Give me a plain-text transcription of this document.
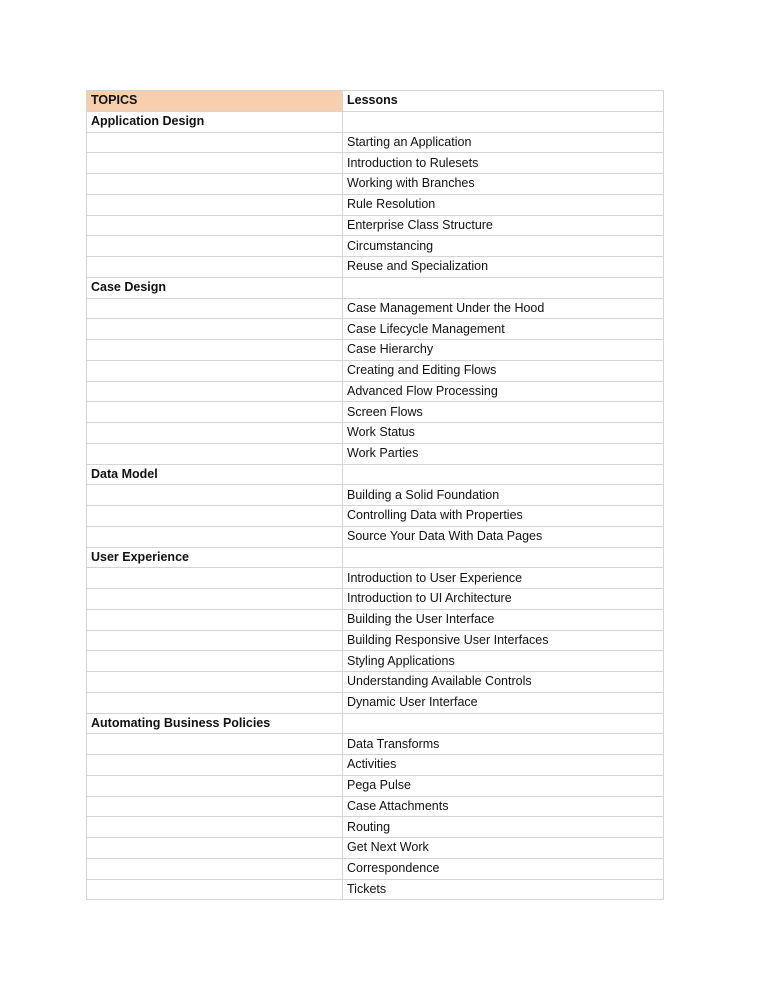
TOPICS	Lessons
Application Design	
	Starting an Application
	Introduction to Rulesets
	Working with Branches
	Rule Resolution
	Enterprise Class Structure
	Circumstancing
	Reuse and Specialization
Case Design	
	Case Management Under the Hood
	Case Lifecycle Management
	Case Hierarchy
	Creating and Editing Flows
	Advanced Flow Processing
	Screen Flows
	Work Status
	Work Parties
Data Model	
	Building a Solid Foundation
	Controlling Data with Properties
	Source Your Data With Data Pages
User Experience	
	Introduction to User Experience
	Introduction to UI Architecture
	Building the User Interface
	Building Responsive User Interfaces
	Styling Applications
	Understanding Available Controls
	Dynamic User Interface
Automating Business Policies	
	Data Transforms
	Activities
	Pega Pulse
	Case Attachments
	Routing
	Get Next Work
	Correspondence
	Tickets
